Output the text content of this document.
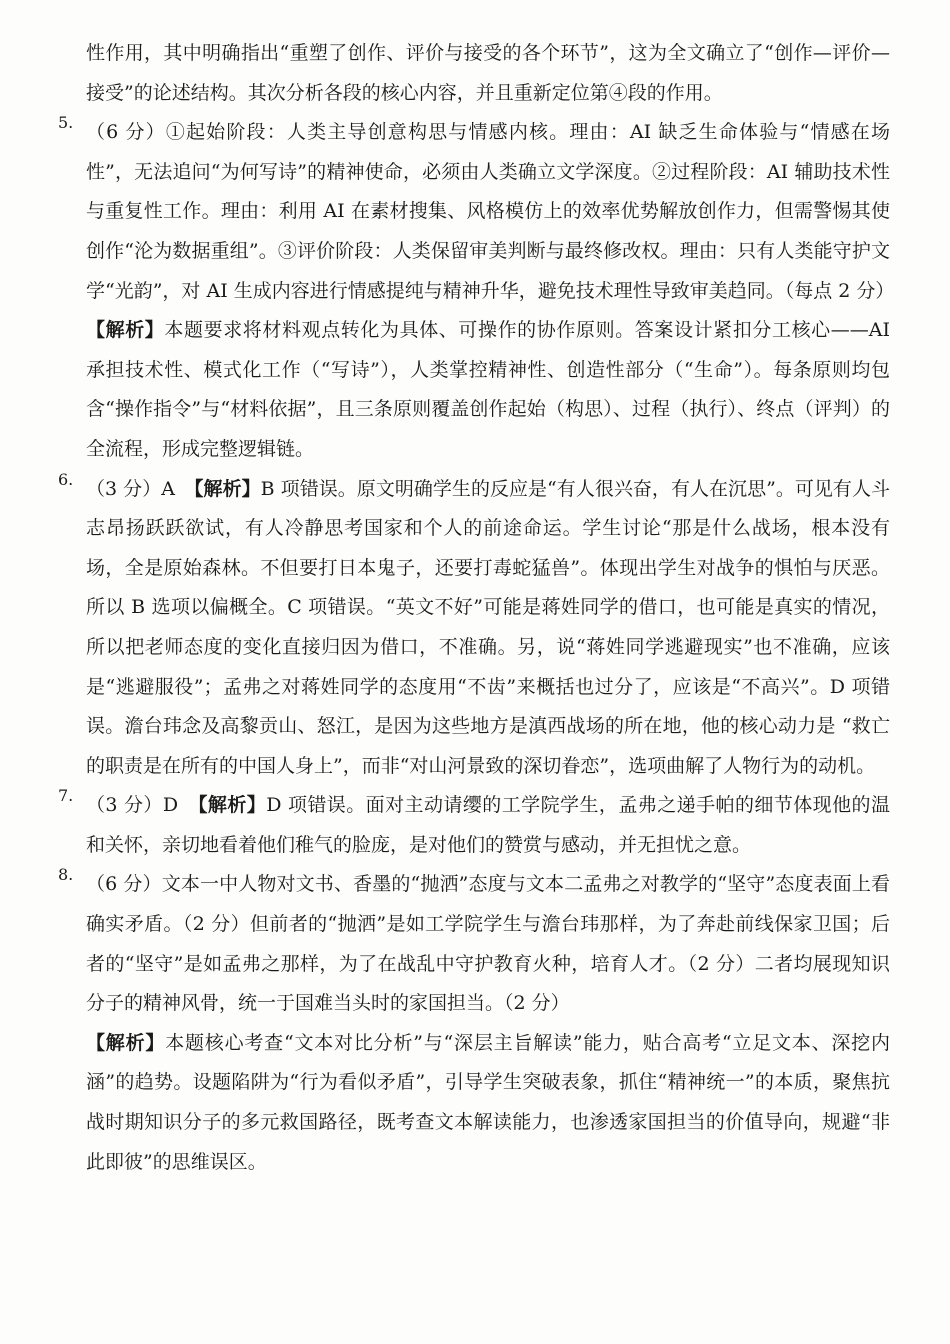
性作用，其中明确指出“重塑了创作、评价与接受的各个环节”，这为全文确立了“创作—评价—接受”的论述结构。其次分析各段的核心内容，并且重新定位第④段的作用。

5. （6 分）①起始阶段：人类主导创意构思与情感内核。理由：AI 缺乏生命体验与“情感在场性”，无法追问“为何写诗”的精神使命，必须由人类确立文学深度。②过程阶段：AI 辅助技术性与重复性工作。理由：利用 AI 在素材搜集、风格模仿上的效率优势解放创作力，但需警惕其使创作“沦为数据重组”。③评价阶段：人类保留审美判断与最终修改权。理由：只有人类能守护文学“光韵”，对 AI 生成内容进行情感提纯与精神升华，避免技术理性导致审美趋同。（每点 2 分）

【解析】本题要求将材料观点转化为具体、可操作的协作原则。答案设计紧扣分工核心——AI 承担技术性、模式化工作（“写诗”），人类掌控精神性、创造性部分（“生命”）。每条原则均包含“操作指令”与“材料依据”，且三条原则覆盖创作起始（构思）、过程（执行）、终点（评判）的全流程，形成完整逻辑链。

6. （3 分）A　【解析】B 项错误。原文明确学生的反应是“有人很兴奋，有人在沉思”。可见有人斗志昂扬跃跃欲试，有人冷静思考国家和个人的前途命运。学生讨论“那是什么战场，根本没有场，全是原始森林。不但要打日本鬼子，还要打毒蛇猛兽”。体现出学生对战争的惧怕与厌恶。所以 B 选项以偏概全。C 项错误。“英文不好”可能是蒋姓同学的借口，也可能是真实的情况，所以把老师态度的变化直接归因为借口，不准确。另，说“蒋姓同学逃避现实”也不准确，应该是“逃避服役”；孟弗之对蒋姓同学的态度用“不齿”来概括也过分了，应该是“不高兴”。D 项错误。澹台玮念及高黎贡山、怒江，是因为这些地方是滇西战场的所在地，他的核心动力是 “救亡的职责是在所有的中国人身上”，而非“对山河景致的深切眷恋”，选项曲解了人物行为的动机。

7. （3 分）D　【解析】D 项错误。面对主动请缨的工学院学生，孟弗之递手帕的细节体现他的温和关怀，亲切地看着他们稚气的脸庞，是对他们的赞赏与感动，并无担忧之意。

8. （6 分）文本一中人物对文书、香墨的“抛洒”态度与文本二孟弗之对教学的“坚守”态度表面上看确实矛盾。（2 分）但前者的“抛洒”是如工学院学生与澹台玮那样，为了奔赴前线保家卫国；后者的“坚守”是如孟弗之那样，为了在战乱中守护教育火种，培育人才。（2 分）二者均展现知识分子的精神风骨，统一于国难当头时的家国担当。（2 分）

【解析】本题核心考查“文本对比分析”与“深层主旨解读”能力，贴合高考“立足文本、深挖内涵”的趋势。设题陷阱为“行为看似矛盾”，引导学生突破表象，抓住“精神统一”的本质，聚焦抗战时期知识分子的多元救国路径，既考查文本解读能力，也渗透家国担当的价值导向，规避“非此即彼”的思维误区。
